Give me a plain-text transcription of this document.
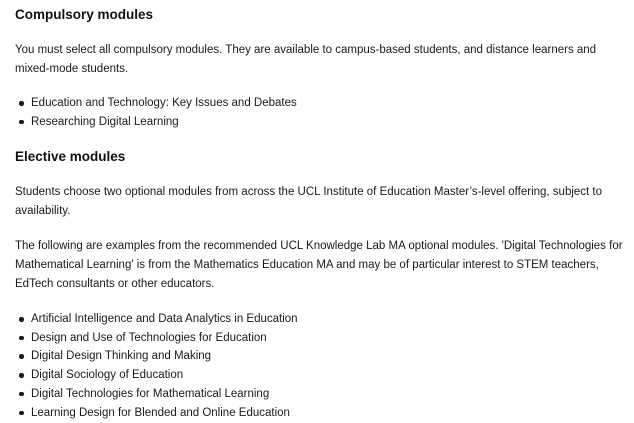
Compulsory modules

You must select all compulsory modules. They are available to campus-based students, and distance learners and mixed-mode students.

Education and Technology: Key Issues and Debates
Researching Digital Learning
Elective modules

Students choose two optional modules from across the UCL Institute of Education Master’s-level offering, subject to availability.

The following are examples from the recommended UCL Knowledge Lab MA optional modules. 'Digital Technologies for Mathematical Learning' is from the Mathematics Education MA and may be of particular interest to STEM teachers, EdTech consultants or other educators.

Artificial Intelligence and Data Analytics in Education
Design and Use of Technologies for Education
Digital Design Thinking and Making
Digital Sociology of Education
Digital Technologies for Mathematical Learning
Learning Design for Blended and Online Education
